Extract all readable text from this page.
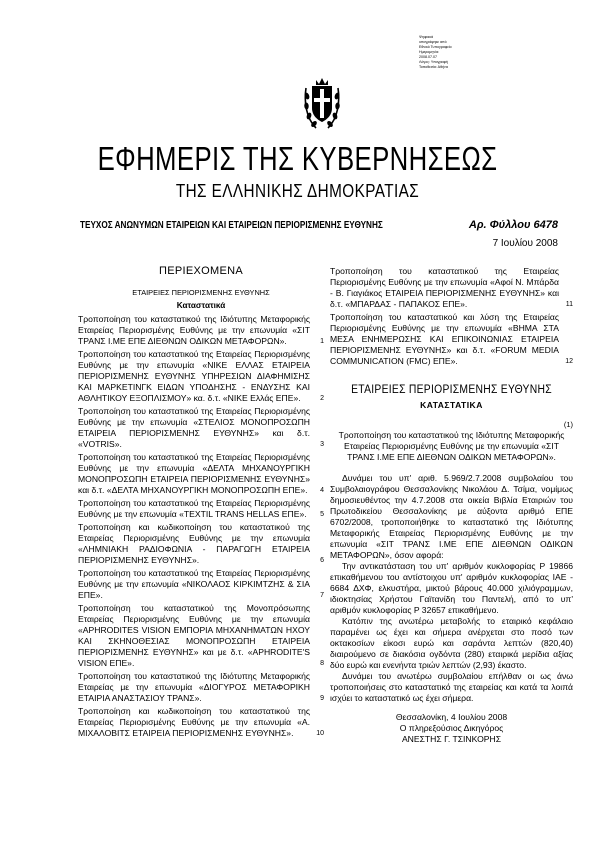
Ψηφιακά
υπογράφηκε από
Εθνικό Τυπογραφείο
Ημερομηνία:
2008.07.07
Λόγος: Υπογραφή
Τοποθεσία: Αθήνα
ΕΦΗΜΕΡΙΣ ΤΗΣ ΚΥΒΕΡΝΗΣΕΩΣ
ΤΗΣ ΕΛΛΗΝΙΚΗΣ ΔΗΜΟΚΡΑΤΙΑΣ
ΤΕΥΧΟΣ ΑΝΩΝΥΜΩΝ ΕΤΑΙΡΕΙΩΝ ΚΑΙ ΕΤΑΙΡΕΙΩΝ ΠΕΡΙΟΡΙΣΜΕΝΗΣ ΕΥΘΥΝΗΣ	Αρ. Φύλλου 6478
7 Ιουλίου 2008
ΠΕΡΙΕΧΟΜΕΝΑ
ΕΤΑΙΡΕΙΕΣ ΠΕΡΙΟΡΙΣΜΕΝΗΣ ΕΥΘΥΝΗΣ
Καταστατικά
Τροποποίηση του καταστατικού της Ιδιότυπης Μεταφορικής Εταιρείας Περιορισμένης Ευθύνης με την επωνυμία «ΣΙΤ ΤΡΑΝΣ Ι.ΜΕ ΕΠΕ ΔΙΕΘΝΩΝ ΟΔΙΚΩΝ ΜΕΤΑΦΟΡΩΝ».	1
Τροποποίηση του καταστατικού της Εταιρείας Περιορισμένης Ευθύνης με την επωνυμία «ΝΙΚΕ ΕΛΛΑΣ ΕΤΑΙΡΕΙΑ ΠΕΡΙΟΡΙΣΜΕΝΗΣ ΕΥΘΥΝΗΣ ΥΠΗΡΕΣΙΩΝ ΔΙΑΦΗΜΙΣΗΣ ΚΑΙ ΜΑΡΚΕΤΙΝΓΚ ΕΙΔΩΝ ΥΠΟΔΗΣΗΣ - ΕΝΔΥΣΗΣ ΚΑΙ ΑΘΛΗΤΙΚΟΥ ΕΞΟΠΛΙΣΜΟΥ» κα. δ.τ. «ΝΙΚΕ Ελλάς ΕΠΕ».	2
Τροποποίηση του καταστατικού της Εταιρείας Περιορισμένης Ευθύνης με την επωνυμία «ΣΤΕΛΙΟΣ ΜΟΝΟΠΡΟΣΩΠΗ ΕΤΑΙΡΕΙΑ ΠΕΡΙΟΡΙΣΜΕΝΗΣ ΕΥΘΥΝΗΣ» και δ.τ. «VOTRIS».	3
Τροποποίηση του καταστατικού της Εταιρείας Περιορισμένης Ευθύνης με την επωνυμία «ΔΕΛΤΑ ΜΗΧΑΝΟΥΡΓΙΚΗ ΜΟΝΟΠΡΟΣΩΠΗ ΕΤΑΙΡΕΙΑ ΠΕΡΙΟΡΙΣΜΕΝΗΣ ΕΥΘΥΝΗΣ» και δ.τ. «ΔΕΛΤΑ ΜΗΧΑΝΟΥΡΓΙΚΗ ΜΟΝΟΠΡΟΣΩΠΗ ΕΠΕ».	4
Τροποποίηση του καταστατικού της Εταιρείας Περιορισμένης Ευθύνης με την επωνυμία «TEXTIL TRANS HELLAS ΕΠΕ».	5
Τροποποίηση και κωδικοποίηση του καταστατικού της Εταιρείας Περιορισμένης Ευθύνης με την επωνυμία «ΛΗΜΝΙΑΚΗ ΡΑΔΙΟΦΩΝΙΑ - ΠΑΡΑΓΩΓΗ ΕΤΑΙΡΕΙΑ ΠΕΡΙΟΡΙΣΜΕΝΗΣ ΕΥΘΥΝΗΣ».	6
Τροποποίηση του καταστατικού της Εταιρείας Περιορισμένης Ευθύνης με την επωνυμία «ΝΙΚΟΛΑΟΣ ΚΙΡΚΙΜΤΖΗΣ & ΣΙΑ ΕΠΕ».	7
Τροποποίηση του καταστατικού της Μονοπρόσωπης Εταιρείας Περιορισμένης Ευθύνης με την επωνυμία «APHRODITES VISION ΕΜΠΟΡΙΑ ΜΗΧΑΝΗΜΑΤΩΝ ΗΧΟΥ ΚΑΙ ΣΚΗΝΟΘΕΣΙΑΣ ΜΟΝΟΠΡΟΣΩΠΗ ΕΤΑΙΡΕΙΑ ΠΕΡΙΟΡΙΣΜΕΝΗΣ ΕΥΘΥΝΗΣ» και με δ.τ. «APHRODITE'S VISION ΕΠΕ».	8
Τροποποίηση του καταστατικού της Ιδιότυπης Μεταφορικής Εταιρείας με την επωνυμία «ΔΙΟΓΥΡΟΣ ΜΕΤΑΦΟΡΙΚΗ ΕΤΑΙΡΙΑ ΑΝΑΣΤΑΣΙΟΥ ΤΡΑΝΣ».	9
Τροποποίηση και κωδικοποίηση του καταστατικού της Εταιρείας Περιορισμένης Ευθύνης με την επωνυμία «Α. ΜΙΧΑΛΟΒΙΤΣ ΕΤΑΙΡΕΙΑ ΠΕΡΙΟΡΙΣΜΕΝΗΣ ΕΥΘΥΝΗΣ».	10
Τροποποίηση του καταστατικού της Εταιρείας Περιορισμένης Ευθύνης με την επωνυμία «Αφοί Ν. Μπάρδα - Β. Γιαγιάκος ΕΤΑΙΡΕΙΑ ΠΕΡΙΟΡΙΣΜΕΝΗΣ ΕΥΘΥΝΗΣ» και δ.τ. «ΜΠΑΡΔΑΣ - ΠΑΠΑΚΟΣ ΕΠΕ».	11
Τροποποίηση του καταστατικού και λύση της Εταιρείας Περιορισμένης Ευθύνης με την επωνυμία «ΒΗΜΑ ΣΤΑ ΜΕΣΑ ΕΝΗΜΕΡΩΣΗΣ ΚΑΙ ΕΠΙΚΟΙΝΩΝΙΑΣ ΕΤΑΙΡΕΙΑ ΠΕΡΙΟΡΙΣΜΕΝΗΣ ΕΥΘΥΝΗΣ» και δ.τ. «FORUM MEDIA COMMUNICATION (FMC) ΕΠΕ».	12
ΕΤΑΙΡΕΙΕΣ ΠΕΡΙΟΡΙΣΜΕΝΗΣ ΕΥΘΥΝΗΣ
ΚΑΤΑΣΤΑΤΙΚΑ
(1)
Τροποποίηση του καταστατικού της Ιδιότυπης Μεταφορικής Εταιρείας Περιορισμένης Ευθύνης με την επωνυμία «ΣΙΤ ΤΡΑΝΣ Ι.ΜΕ ΕΠΕ ΔΙΕΘΝΩΝ ΟΔΙΚΩΝ ΜΕΤΑΦΟΡΩΝ».

Δυνάμει του υπ' αριθ. 5.969/2.7.2008 συμβολαίου του Συμβολαιογράφου Θεσσαλονίκης Νικολάου Δ. Τσίμα, νομίμως δημοσιευθέντος την 4.7.2008 στα οικεία Βιβλία Εταιριών του Πρωτοδικείου Θεσσαλονίκης με αύξοντα αριθμό ΕΠΕ 6702/2008, τροποποιήθηκε το καταστατικό της Ιδιότυπης Μεταφορικής Εταιρείας Περιορισμένης Ευθύνης με την επωνυμία «ΣΙΤ ΤΡΑΝΣ Ι.ΜΕ ΕΠΕ ΔΙΕΘΝΩΝ ΟΔΙΚΩΝ ΜΕΤΑΦΟΡΩΝ», όσον αφορά:

Την αντικατάσταση του υπ' αριθμόν κυκλοφορίας Ρ 19866 επικαθήμενου του αντίστοιχου υπ' αριθμόν κυκλοφορίας ΙΑΕ - 6684 ΔΧΦ, ελκυστήρα, μικτού βάρους 40.000 χιλιόγραμμων, ιδιοκτησίας Χρήστου Γαϊτανίδη του Παντελή, από το υπ' αριθμόν κυκλοφορίας Ρ 32657 επικαθήμενο.

Κατόπιν της ανωτέρω μεταβολής το εταιρικό κεφάλαιο παραμένει ως έχει και σήμερα ανέρχεται στο ποσό των οκτακοσίων είκοσι ευρώ και σαράντα λεπτών (820,40) διαιρούμενο σε διακόσια ογδόντα (280) εταιρικά μερίδια αξίας δύο ευρώ και ενενήντα τριών λεπτών (2,93) έκαστο.

Δυνάμει του ανωτέρω συμβολαίου επήλθαν οι ως άνω τροποποιήσεις στο καταστατικό της εταιρείας και κατά τα λοιπά ισχύει το καταστατικό ως έχει σήμερα.

Θεσσαλονίκη, 4 Ιουλίου 2008
Ο πληρεξούσιος Δικηγόρος
ΑΝΕΣΤΗΣ Γ. ΤΣΙΝΚΟΡΗΣ
